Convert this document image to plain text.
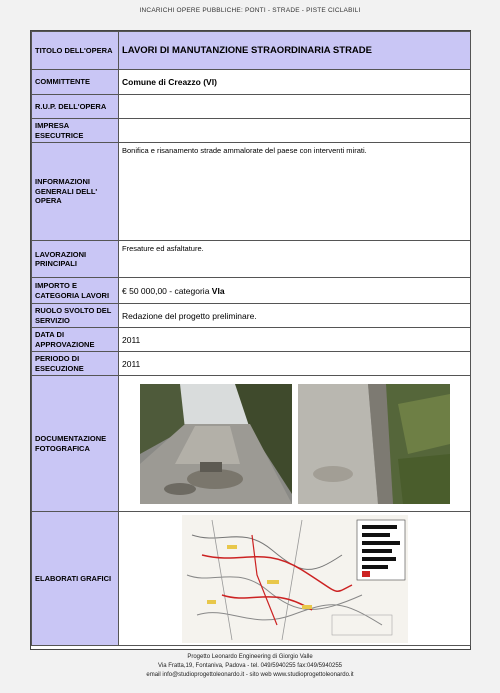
INCARICHI OPERE PUBBLICHE: PONTI - STRADE - PISTE CICLABILI
TITOLO DELL'OPERA	LAVORI DI MANUTANZIONE STRAORDINARIA STRADE
COMMITTENTE	Comune di Creazzo (VI)
R.U.P. DELL'OPERA	
IMPRESA ESECUTRICE	
INFORMAZIONI GENERALI DELL' OPERA	Bonifica e risanamento strade ammalorate del paese con interventi mirati.
LAVORAZIONI PRINCIPALI	Fresature ed asfaltature.
IMPORTO E CATEGORIA LAVORI	€ 50 000,00 - categoria VIa
RUOLO SVOLTO DEL SERVIZIO	Redazione del progetto preliminare.
DATA DI APPROVAZIONE	2011
PERIODO DI ESECUZIONE	2011
DOCUMENTAZIONE FOTOGRAFICA	

ELABORATI GRAFICI	
Progetto Leonardo Engineering di Giorgio Valle
Via Fratta,19, Fontaniva, Padova - tel. 049/5940255 fax:049/5940255
email info@studioprogettoleonardo.it - sito web www.studioprogettoleonardo.it
